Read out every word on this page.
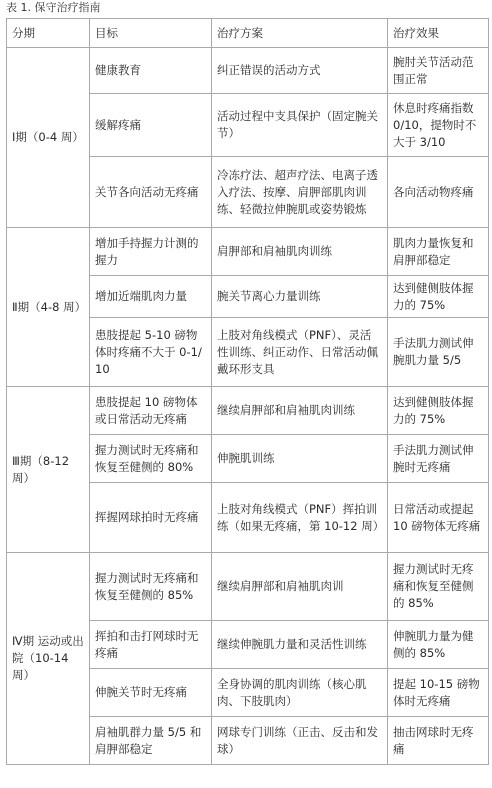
表 1. 保守治疗指南
分期	目标	治疗方案	治疗效果
Ⅰ期（0-4 周）	健康教育	纠正错误的活动方式	腕肘关节活动范围正常
	缓解疼痛	活动过程中支具保护（固定腕关节）	休息时疼痛指数 0/10，提物时不大于 3/10
	关节各向活动无疼痛	冷冻疗法、超声疗法、电离子透入疗法、按摩、肩胛部肌肉训练、轻微拉伸腕肌或姿势锻炼	各向活动物疼痛
Ⅱ期（4-8 周）	增加手持握力计测的握力	肩胛部和肩袖肌肉训练	肌肉力量恢复和肩胛部稳定
	增加近端肌肉力量	腕关节离心力量训练	达到健侧肢体握力的 75%
	患肢提起 5-10 磅物体时疼痛不大于 0-1/10	上肢对角线模式（PNF）、灵活性训练、纠正动作、日常活动佩戴环形支具	手法肌力测试伸腕肌力量 5/5
Ⅲ期（8-12 周）	患肢提起 10 磅物体或日常活动无疼痛	继续肩胛部和肩袖肌肉训练	达到健侧肢体握力的 75%
	握力测试时无疼痛和恢复至健侧的 80%	伸腕肌训练	手法肌力测试伸腕时无疼痛
	挥握网球拍时无疼痛	上肢对角线模式（PNF）挥拍训练（如果无疼痛，第 10-12 周）	日常活动或提起 10 磅物体无疼痛
Ⅳ期 运动或出院（10-14 周）	握力测试时无疼痛和恢复至健侧的 85%	继续肩胛部和肩袖肌肉训	握力测试时无疼痛和恢复至健侧的 85%
	挥拍和击打网球时无疼痛	继续伸腕肌力量和灵活性训练	伸腕肌力量为健侧的 85%
	伸腕关节时无疼痛	全身协调的肌肉训练（核心肌肉、下肢肌肉）	提起 10-15 磅物体时无疼痛
	肩袖肌群力量 5/5 和肩胛部稳定	网球专门训练（正击、反击和发球）	抽击网球时无疼痛
